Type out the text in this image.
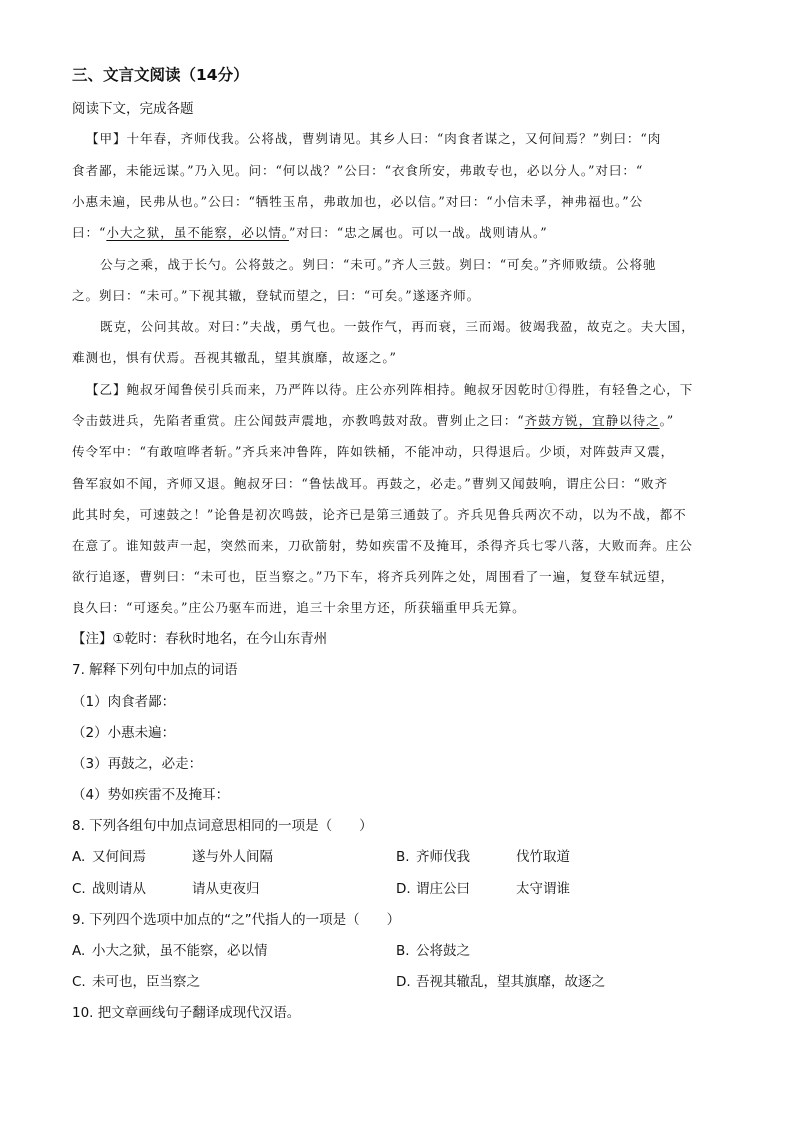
三、文言文阅读（14分）
阅读下文，完成各题
【甲】十年春，齐师伐我。公将战，曹刿请见。其乡人曰：“肉食者谋之，又何间焉？”刿曰：“肉
食者鄙，未能远谋。”乃入见。问：“何以战？”公曰：“衣食所安，弗敢专也，必以分人。”对曰：“
小惠未遍，民弗从也。”公曰：“牺牲玉帛，弗敢加也，必以信。”对曰：“小信未孚，神弗福也。”公
曰：“小大之狱，虽不能察，必以情。”对曰：“忠之属也。可以一战。战则请从。”
公与之乘，战于长勺。公将鼓之。刿曰：“未可。”齐人三鼓。刿曰：“可矣。”齐师败绩。公将驰
之。刿曰：“未可。”下视其辙，登轼而望之，曰：“可矣。”遂逐齐师。
既克，公问其故。对曰：”夫战，勇气也。一鼓作气，再而衰，三而竭。彼竭我盈，故克之。夫大国，
难测也，惧有伏焉。吾视其辙乱，望其旗靡，故逐之。”
【乙】鲍叔牙闻鲁侯引兵而来，乃严阵以待。庄公亦列阵相持。鲍叔牙因乾时①得胜，有轻鲁之心，下
令击鼓进兵，先陷者重赏。庄公闻鼓声震地，亦教鸣鼓对敌。曹刿止之曰：“齐鼓方锐，宜静以待之。”
传令军中：“有敢喧哗者斩。”齐兵来冲鲁阵，阵如铁桶，不能冲动，只得退后。少顷，对阵鼓声又震，
鲁军寂如不闻，齐师又退。鲍叔牙曰：“鲁怯战耳。再鼓之，必走。”曹刿又闻鼓响，谓庄公曰：“败齐
此其时矣，可速鼓之！”论鲁是初次鸣鼓，论齐已是第三通鼓了。齐兵见鲁兵两次不动，以为不战，都不
在意了。谁知鼓声一起，突然而来，刀砍箭射，势如疾雷不及掩耳，杀得齐兵七零八落，大败而奔。庄公
欲行追逐，曹刿曰：“未可也，臣当察之。”乃下车，将齐兵列阵之处，周围看了一遍，复登车轼远望，
良久曰：“可逐矣。”庄公乃驱车而进，追三十余里方还，所获辎重甲兵无算。
【注】①乾时：春秋时地名，在今山东青州
7. 解释下列句中加点的词语
（1）肉食者鄙：
（2）小惠未遍：
（3）再鼓之，必走：
（4）势如疾雷不及掩耳：
8. 下列各组句中加点词意思相同的一项是（　　）
A. 又何间焉	遂与外人间隔	B. 齐师伐我	伐竹取道
C. 战则请从	请从吏夜归	D. 谓庄公曰	太守谓谁
9. 下列四个选项中加点的“之”代指人的一项是（　　）
A. 小大之狱，虽不能察，必以情	B. 公将鼓之
C. 未可也，臣当察之	D. 吾视其辙乱，望其旗靡，故逐之
10. 把文章画线句子翻译成现代汉语。
